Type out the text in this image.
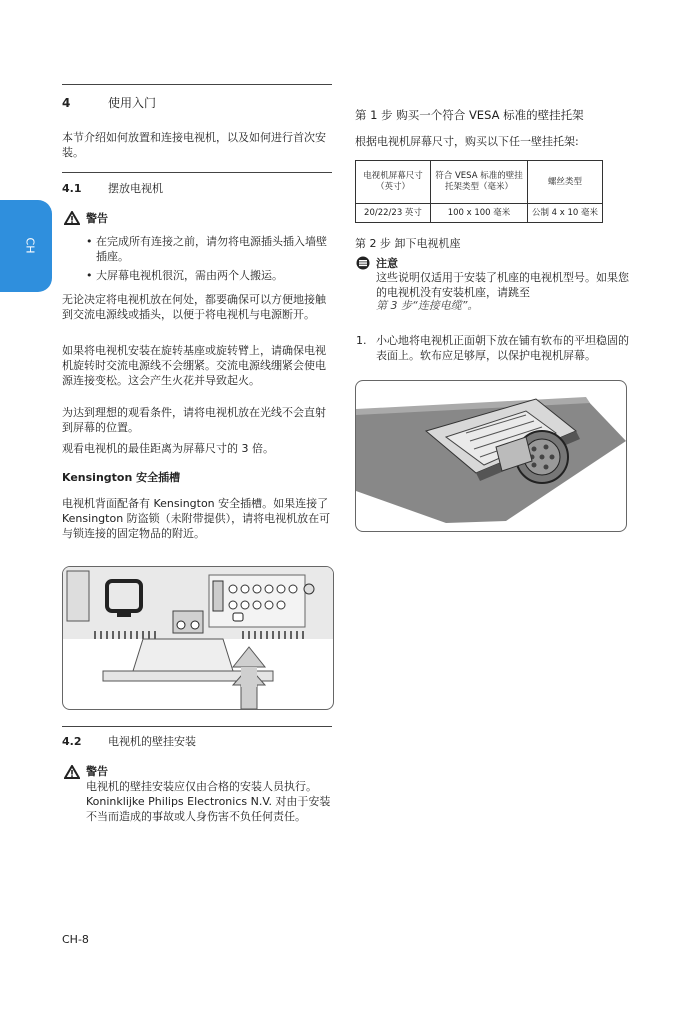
CH
4	使用入门

本节介绍如何放置和连接电视机，以及如何进行首次安装。

4.1 摆放电视机
警告
• 在完成所有连接之前，请勿将电源插头插入墙壁插座。

• 大屏幕电视机很沉，需由两个人搬运。

无论决定将电视机放在何处，都要确保可以方便地接触到交流电源线或插头，以便于将电视机与电源断开。

如果将电视机安装在旋转基座或旋转臂上，请确保电视机旋转时交流电源线不会绷紧。交流电源线绷紧会使电源连接变松。这会产生火花并导致起火。

为达到理想的观看条件，请将电视机放在光线不会直射到屏幕的位置。

观看电视机的最佳距离为屏幕尺寸的 3 倍。

Kensington 安全插槽

电视机背面配备有 Kensington 安全插槽。如果连接了 Kensington 防盗锁（未附带提供），请将电视机放在可与锁连接的固定物品的附近。

4.2 电视机的壁挂安装
警告

电视机的壁挂安装应仅由合格的安装人员执行。Koninklijke Philips Electronics N.V. 对由于安装不当而造成的事故或人身伤害不负任何责任。

CH-8
第 1 步 购买一个符合 VESA 标准的壁挂托架

根据电视机屏幕尺寸，购买以下任一壁挂托架:

电视机屏幕尺寸（英寸）	符合 VESA 标准的壁挂托架类型（毫米）	螺丝类型
20/22/23 英寸	100 x 100 毫米	公制 4 x 10 毫米
第 2 步 卸下电视机座
注意

这些说明仅适用于安装了机座的电视机型号。如果您的电视机没有安装机座，请跳至

第 3 步“连接电缆”。
1. 小心地将电视机正面朝下放在铺有软布的平坦稳固的表面上。软布应足够厚，以保护电视机屏幕。
